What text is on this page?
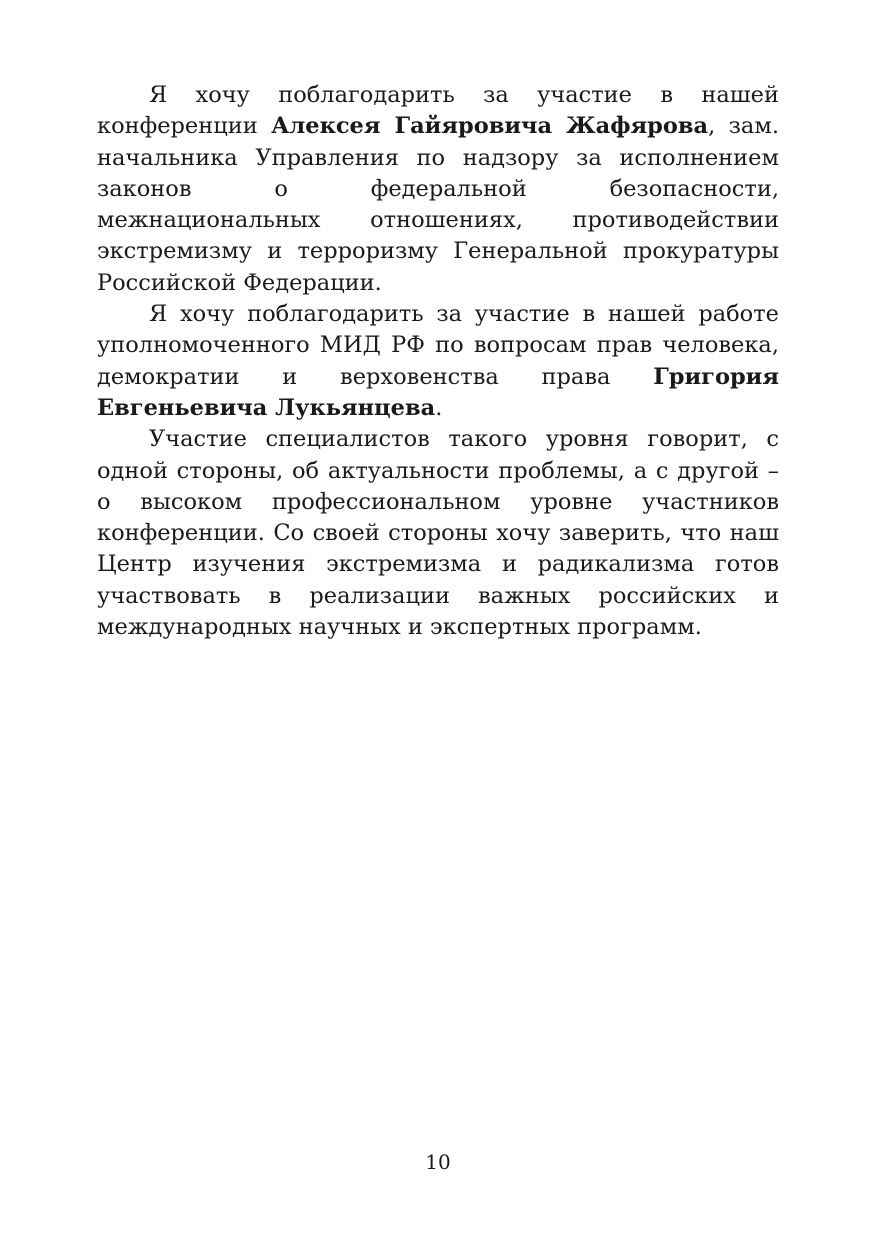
Я хочу поблагодарить за участие в нашей конференции Алексея Гайяровича Жафярова, зам. начальника Управления по надзору за исполнением законов о федеральной безопасности, межнациональных отношениях, противодействии экстремизму и терроризму Генеральной прокуратуры Российской Федерации.

Я хочу поблагодарить за участие в нашей работе уполномоченного МИД РФ по вопросам прав человека, демократии и верховенства права Григория Евгеньевича Лукьянцева.

Участие специалистов такого уровня говорит, с одной стороны, об актуальности проблемы, а с другой – о высоком профессиональном уровне участников конференции. Со своей стороны хочу заверить, что наш Центр изучения экстремизма и радикализма готов участвовать в реализации важных российских и международных научных и экспертных программ.

10
